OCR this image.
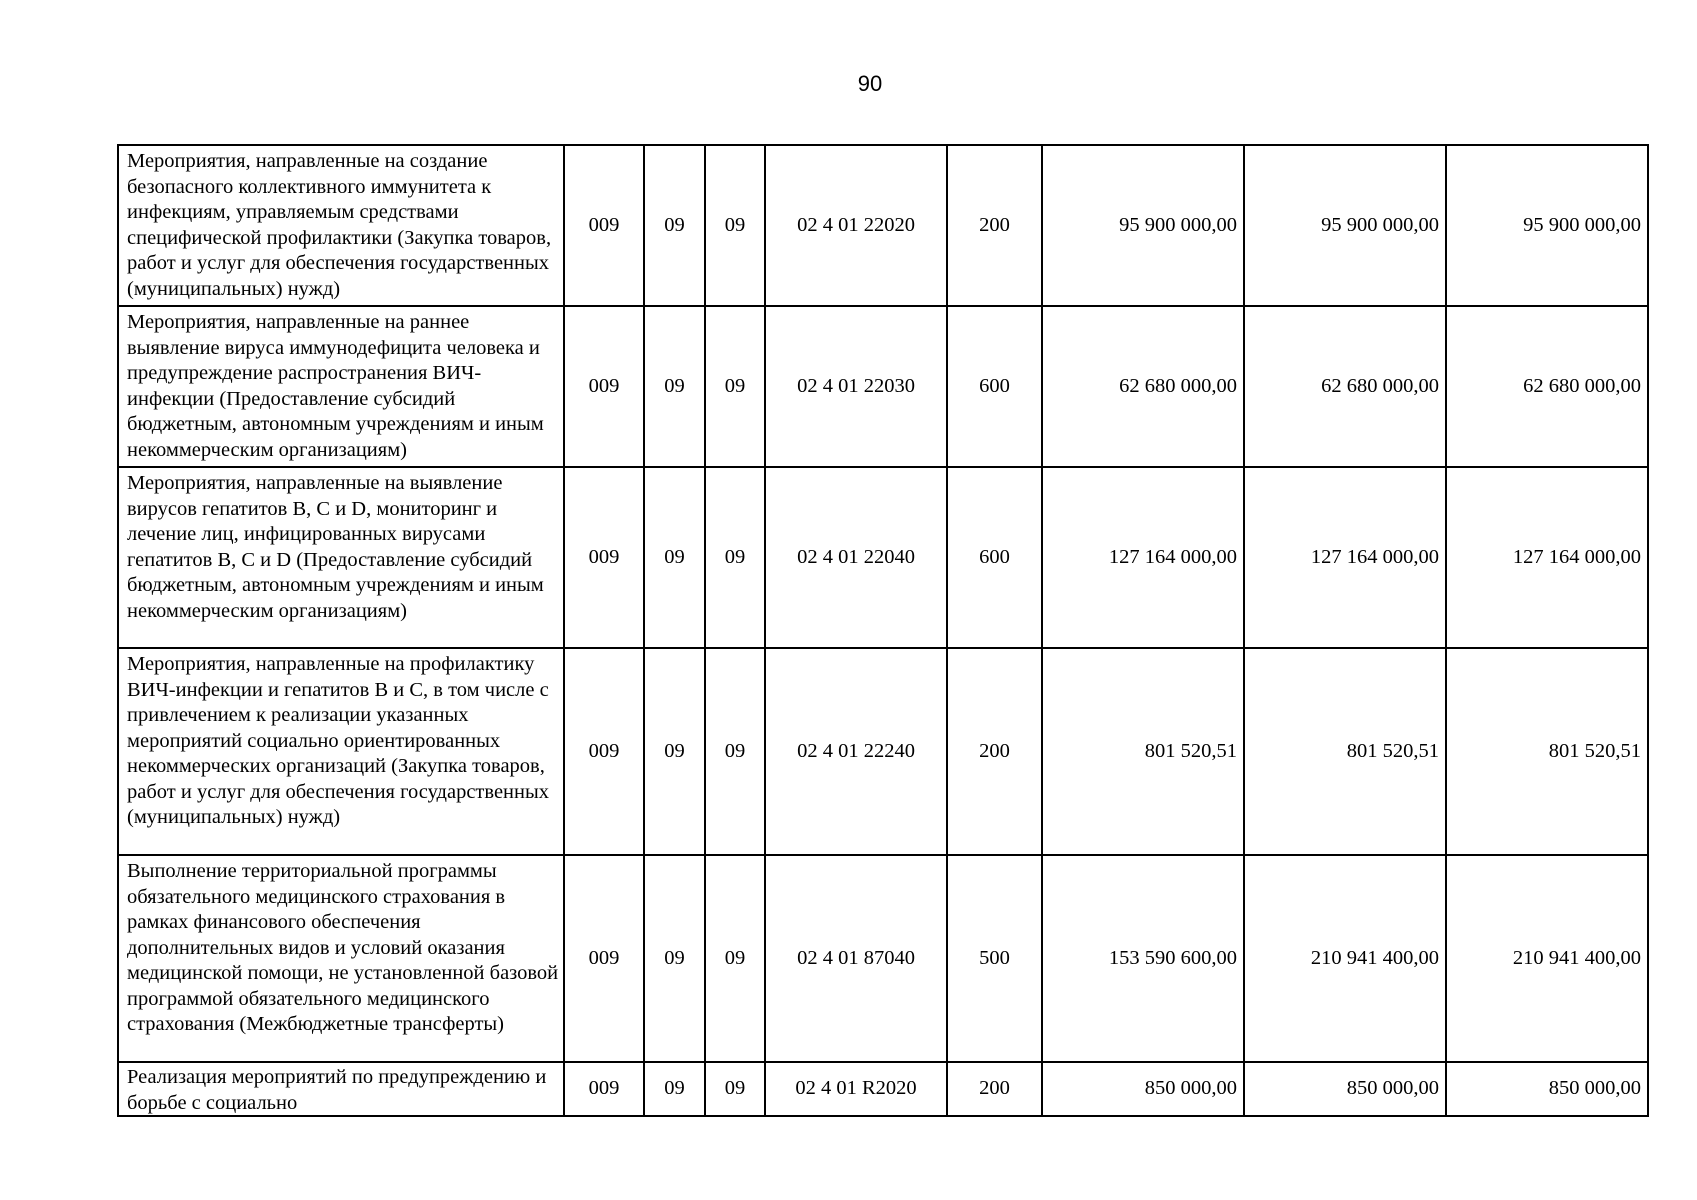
90
Мероприятия, направленные на создание безопасного коллективного иммунитета к инфекциям, управляемым средствами специфической профилактики (Закупка товаров, работ и услуг для обеспечения государственных (муниципальных) нужд)	009	09	09	02 4 01 22020	200	95 900 000,00	95 900 000,00	95 900 000,00
Мероприятия, направленные на раннее выявление вируса иммунодефицита человека и предупреждение распространения ВИЧ-инфекции (Предоставление субсидий бюджетным, автономным учреждениям и иным некоммерческим организациям)	009	09	09	02 4 01 22030	600	62 680 000,00	62 680 000,00	62 680 000,00
Мероприятия, направленные на выявление вирусов гепатитов B, C и D, мониторинг и лечение лиц, инфицированных вирусами гепатитов B, C и D (Предоставление субсидий бюджетным, автономным учреждениям и иным некоммерческим организациям)	009	09	09	02 4 01 22040	600	127 164 000,00	127 164 000,00	127 164 000,00
Мероприятия, направленные на профилактику ВИЧ-инфекции и гепатитов B и C, в том числе с привлечением к реализации указанных мероприятий социально ориентированных некоммерческих организаций (Закупка товаров, работ и услуг для обеспечения государственных (муниципальных) нужд)	009	09	09	02 4 01 22240	200	801 520,51	801 520,51	801 520,51
Выполнение территориальной программы обязательного медицинского страхования в рамках финансового обеспечения дополнительных видов и условий оказания медицинской помощи, не установленной базовой программой обязательного медицинского страхования (Межбюджетные трансферты)	009	09	09	02 4 01 87040	500	153 590 600,00	210 941 400,00	210 941 400,00

Реализация мероприятий по предупреждению и борьбе с социально	009	09	09	02 4 01 R2020	200	850 000,00	850 000,00	850 000,00
